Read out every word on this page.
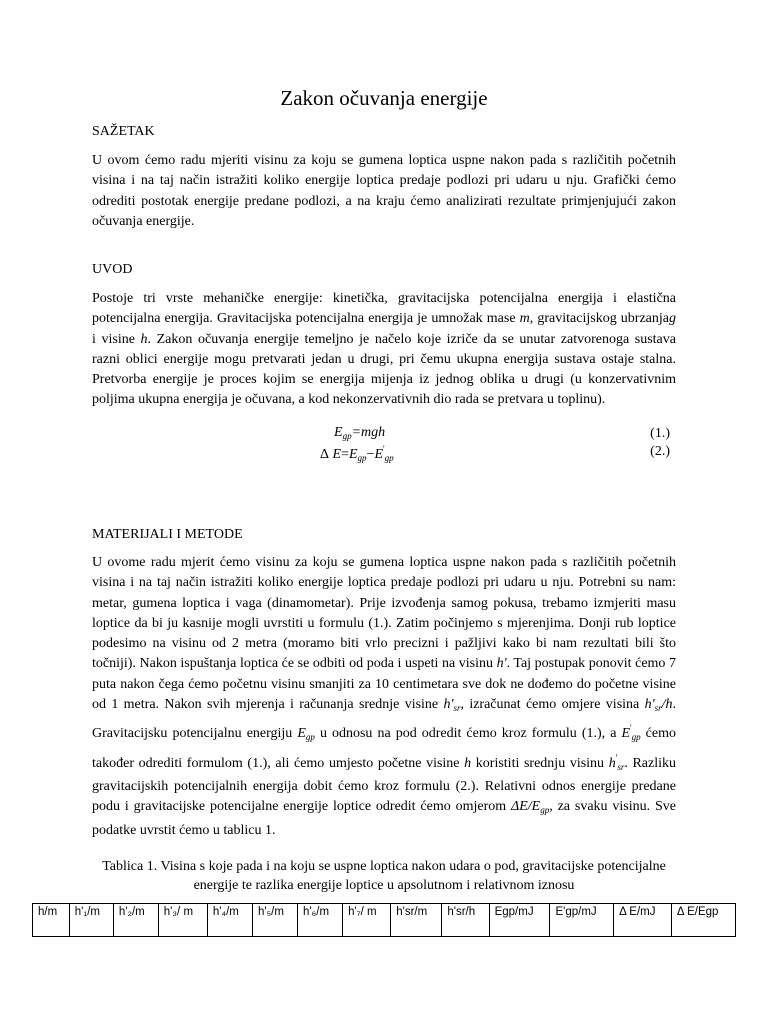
Zakon očuvanja energije
SAŽETAK

U ovom ćemo radu mjeriti visinu za koju se gumena loptica uspne nakon pada s različitih početnih visina i na taj način istražiti koliko energije loptica predaje podlozi pri udaru u nju. Grafički ćemo odrediti postotak energije predane podlozi, a na kraju ćemo analizirati rezultate primjenjujući zakon očuvanja energije.

UVOD

Postoje tri vrste mehaničke energije: kinetička, gravitacijska potencijalna energija i elastična potencijalna energija. Gravitacijska potencijalna energija je umnožak mase m, gravitacijskog ubrzanjag i visine h. Zakon očuvanja energije temeljno je načelo koje izriče da se unutar zatvorenoga sustava razni oblici energije mogu pretvarati jedan u drugi, pri čemu ukupna energija sustava ostaje stalna. Pretvorba energije je proces kojim se energija mijenja iz jednog oblika u drugi (u konzervativnim poljima ukupna energija je očuvana, a kod nekonzervativnih dio rada se pretvara u toplinu).

$E_{gp}=mgh$	(1.)
Δ $E=E_{gp}-E'_{gp}$	(2.)
MATERIJALI I METODE

U ovome radu mjerit ćemo visinu za koju se gumena loptica uspne nakon pada s različitih početnih visina i na taj način istražiti koliko energije loptica predaje podlozi pri udaru u nju. Potrebni su nam: metar, gumena loptica i vaga (dinamometar). Prije izvođenja samog pokusa, trebamo izmjeriti masu loptice da bi ju kasnije mogli uvrstiti u formulu (1.). Zatim počinjemo s mjerenjima. Donji rub loptice podesimo na visinu od 2 metra (moramo biti vrlo precizni i pažljivi kako bi nam rezultati bili što točniji). Nakon ispuštanja loptica će se odbiti od poda i uspeti na visinu h'. Taj postupak ponovit ćemo 7 puta nakon čega ćemo početnu visinu smanjiti za 10 centimetara sve dok ne dođemo do početne visine od 1 metra. Nakon svih mjerenja i računanja srednje visine $h'_{sr}$, izračunat ćemo omjere visina $h'_{sr}/h$. Gravitacijsku potencijalnu energiju $E_{gp}$ u odnosu na pod odredit ćemo kroz formulu (1.), a $E'_{gp}$ ćemo također odrediti formulom (1.), ali ćemo umjesto početne visine h koristiti srednju visinu $h'_{sr}$. Razliku gravitacijskih potencijalnih energija dobit ćemo kroz formulu (2.). Relativni odnos energije predane podu i gravitacijske potencijalne energije loptice odredit ćemo omjerom $\Delta E/E_{gp}$, za svaku visinu. Sve podatke uvrstit ćemo u tablicu 1.

Tablica 1. Visina s koje pada i na koju se uspne loptica nakon udara o pod, gravitacijske potencijalne energije te razlika energije loptice u apsolutnom i relativnom iznosu
h/m	h'₁/m	h'₂/m	h'₃/ m	h'₄/m	h'₅/m	h'₆/m	h'₇/ m	h'sr/m	h'sr/h	Egp/mJ	E'gp/mJ	Δ E/mJ	Δ E/Egp
